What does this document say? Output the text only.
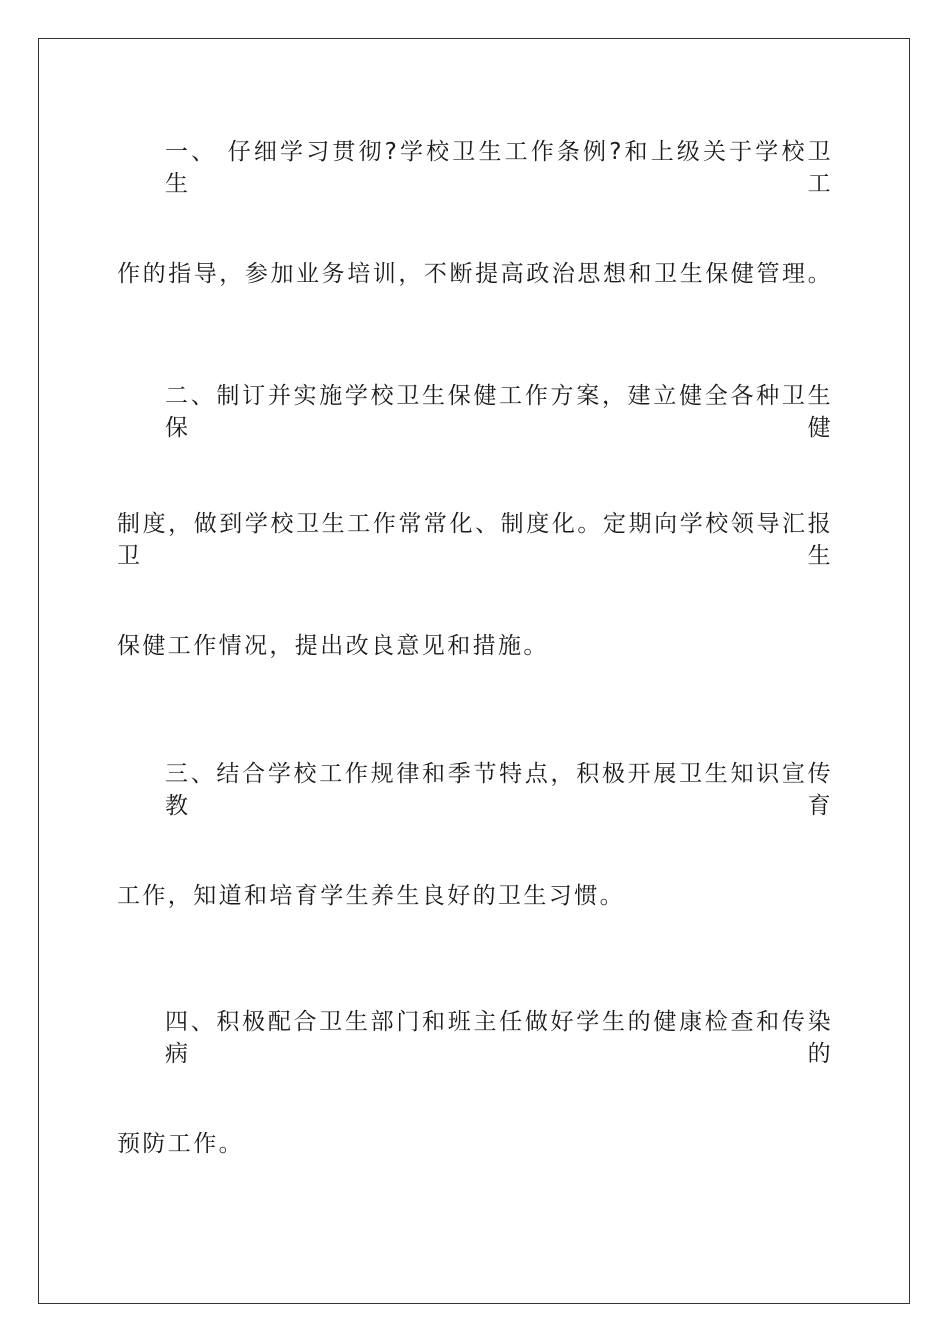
一、 仔细学习贯彻?学校卫生工作条例?和上级关于学校卫生工
作的指导，参加业务培训，不断提高政治思想和卫生保健管理。
二、制订并实施学校卫生保健工作方案，建立健全各种卫生保健
制度，做到学校卫生工作常常化、制度化。定期向学校领导汇报卫生
保健工作情况，提出改良意见和措施。
三、结合学校工作规律和季节特点，积极开展卫生知识宣传教育
工作，知道和培育学生养生良好的卫生习惯。
四、积极配合卫生部门和班主任做好学生的健康检查和传染病的
预防工作。
